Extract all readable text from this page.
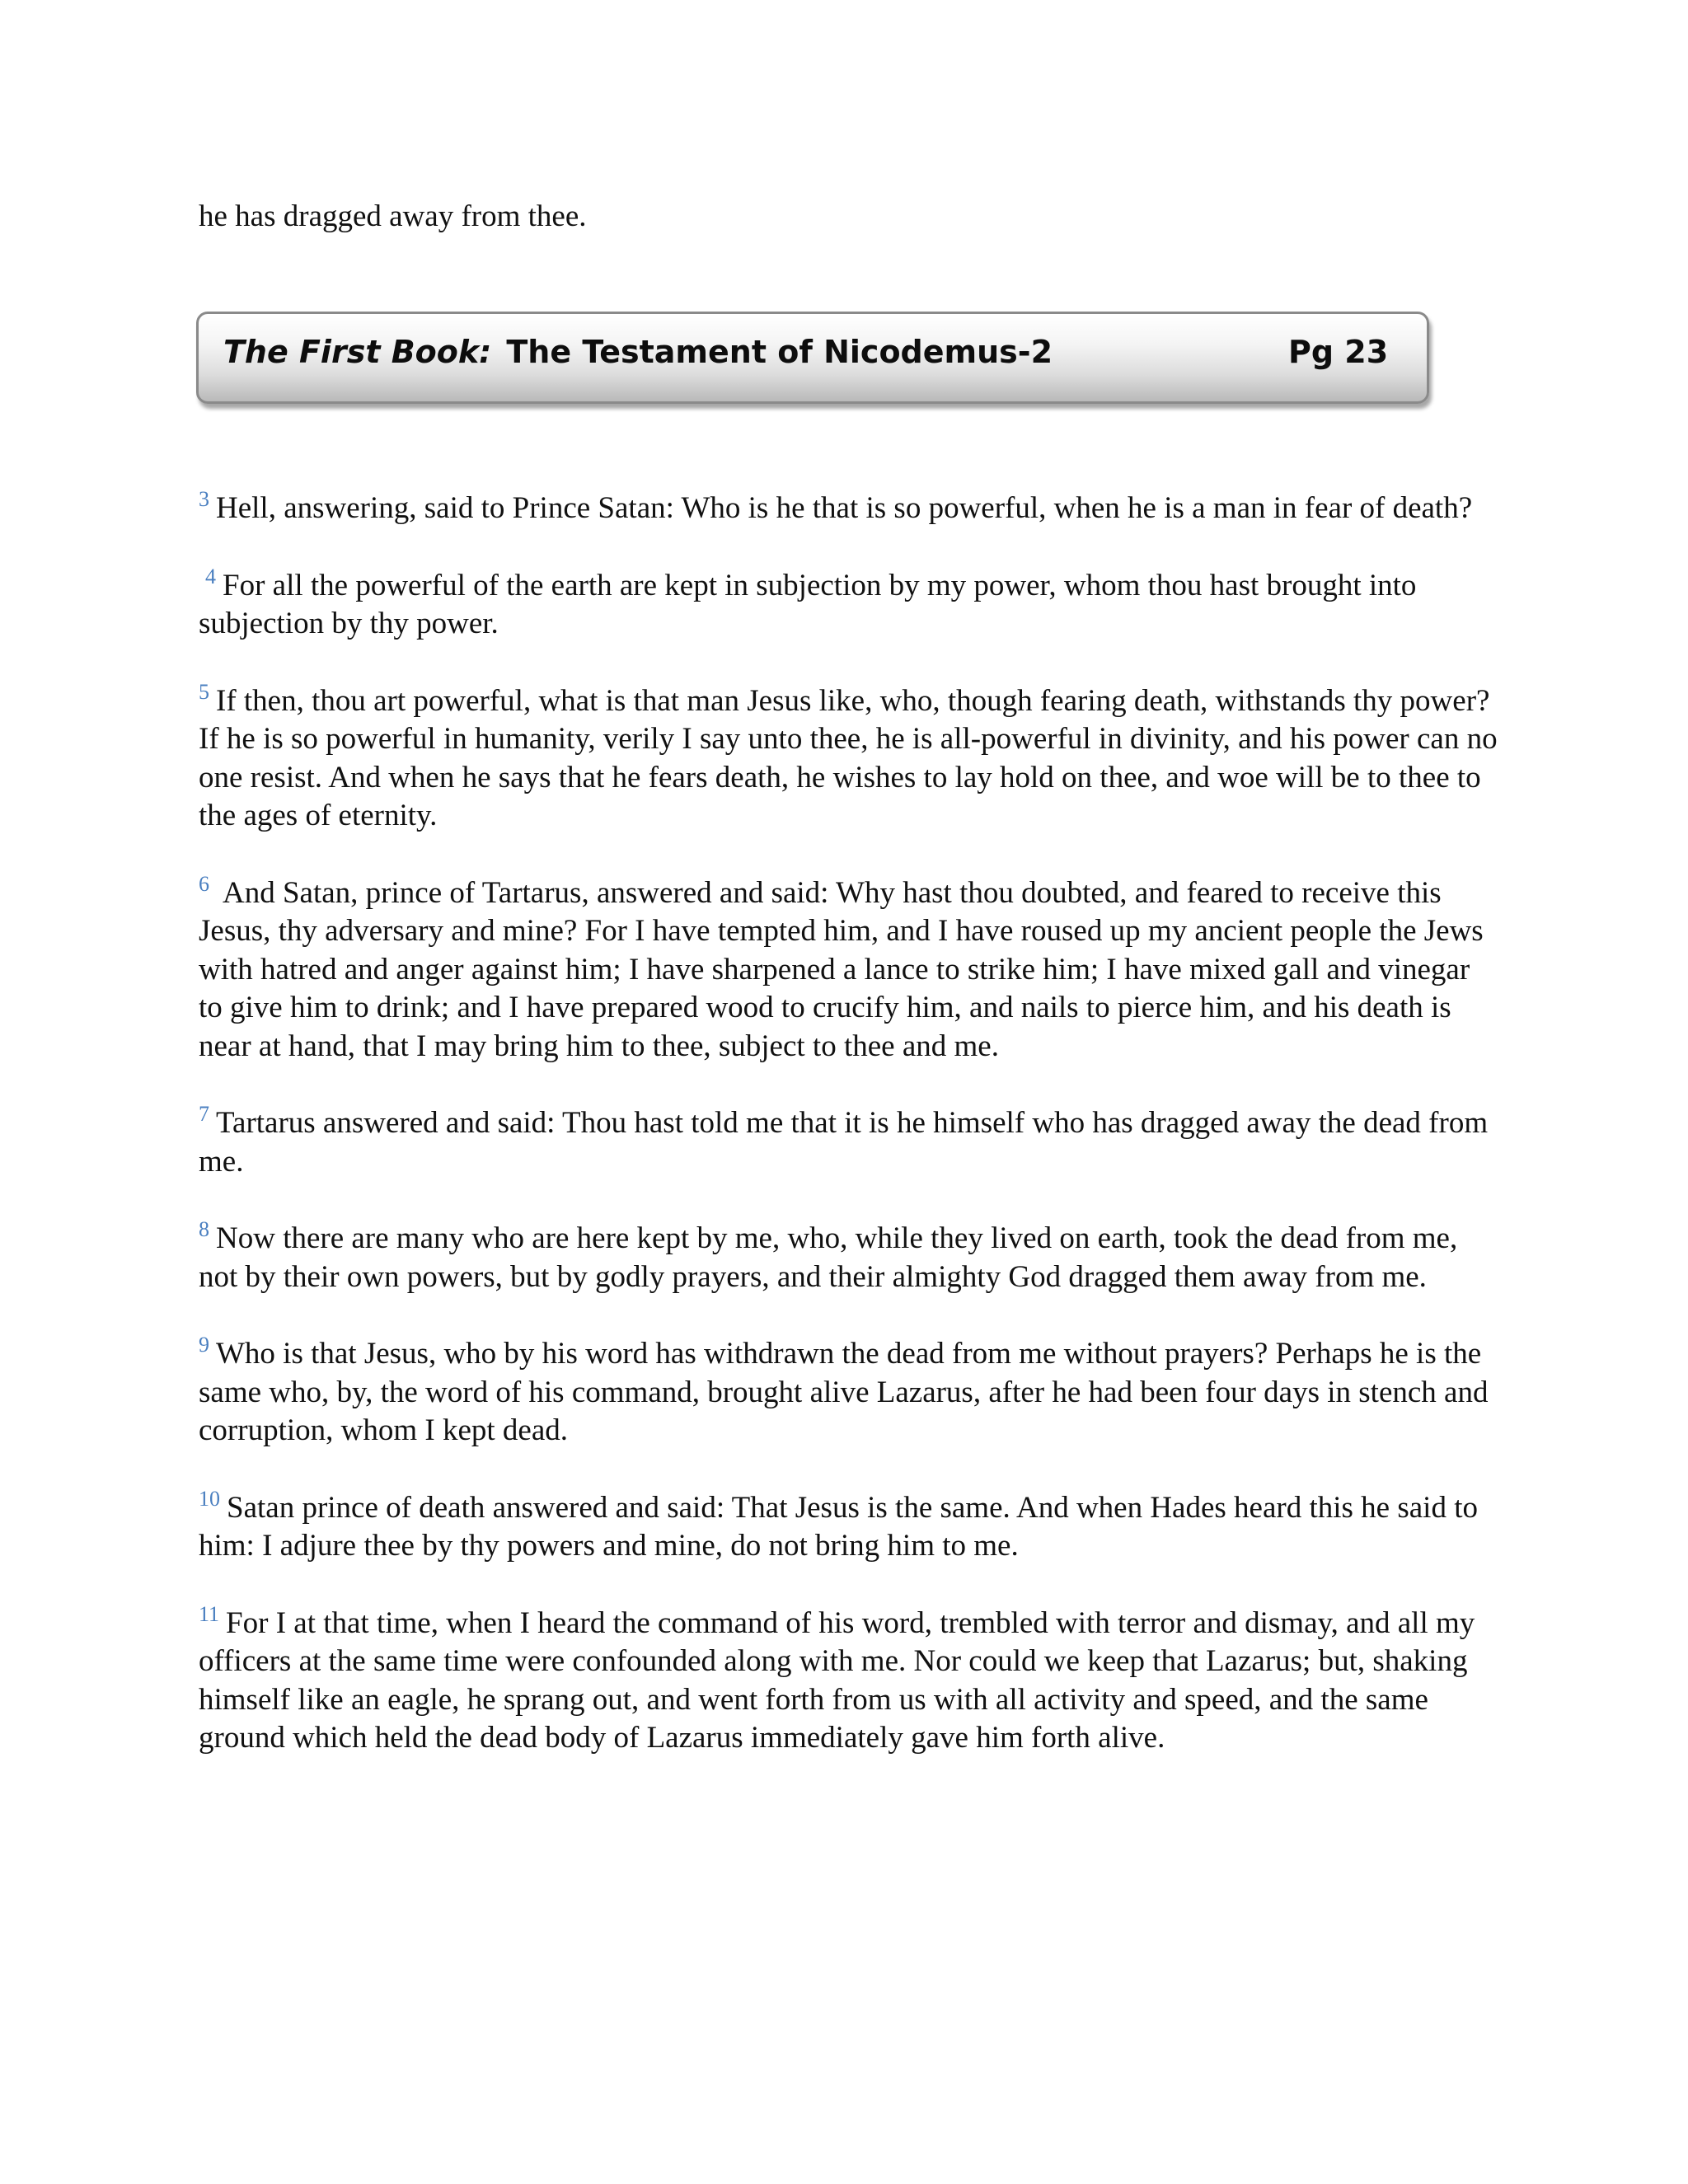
he has dragged away from thee.
The First Book: The Testament of Nicodemus-2	Pg 23

$^3$ Hell, answering, said to Prince Satan: Who is he that is so powerful, when he is a man in fear of death?

$^4$ For all the powerful of the earth are kept in subjection by my power, whom thou hast brought into subjection by thy power.

$^5$ If then, thou art powerful, what is that man Jesus like, who, though fearing death, withstands thy power? If he is so powerful in humanity, verily I say unto thee, he is all-powerful in divinity, and his power can no one resist. And when he says that he fears death, he wishes to lay hold on thee, and woe will be to thee to the ages of eternity.

$^6$ And Satan, prince of Tartarus, answered and said: Why hast thou doubted, and feared to receive this Jesus, thy adversary and mine? For I have tempted him, and I have roused up my ancient people the Jews with hatred and anger against him; I have sharpened a lance to strike him; I have mixed gall and vinegar to give him to drink; and I have prepared wood to crucify him, and nails to pierce him, and his death is near at hand, that I may bring him to thee, subject to thee and me.

$^7$ Tartarus answered and said: Thou hast told me that it is he himself who has dragged away the dead from me.

$^8$ Now there are many who are here kept by me, who, while they lived on earth, took the dead from me, not by their own powers, but by godly prayers, and their almighty God dragged them away from me.

$^9$ Who is that Jesus, who by his word has withdrawn the dead from me without prayers? Perhaps he is the same who, by, the word of his command, brought alive Lazarus, after he had been four days in stench and corruption, whom I kept dead.

$^{10}$ Satan prince of death answered and said: That Jesus is the same. And when Hades heard this he said to him: I adjure thee by thy powers and mine, do not bring him to me.

$^{11}$ For I at that time, when I heard the command of his word, trembled with terror and dismay, and all my officers at the same time were confounded along with me. Nor could we keep that Lazarus; but, shaking himself like an eagle, he sprang out, and went forth from us with all activity and speed, and the same ground which held the dead body of Lazarus immediately gave him forth alive.
